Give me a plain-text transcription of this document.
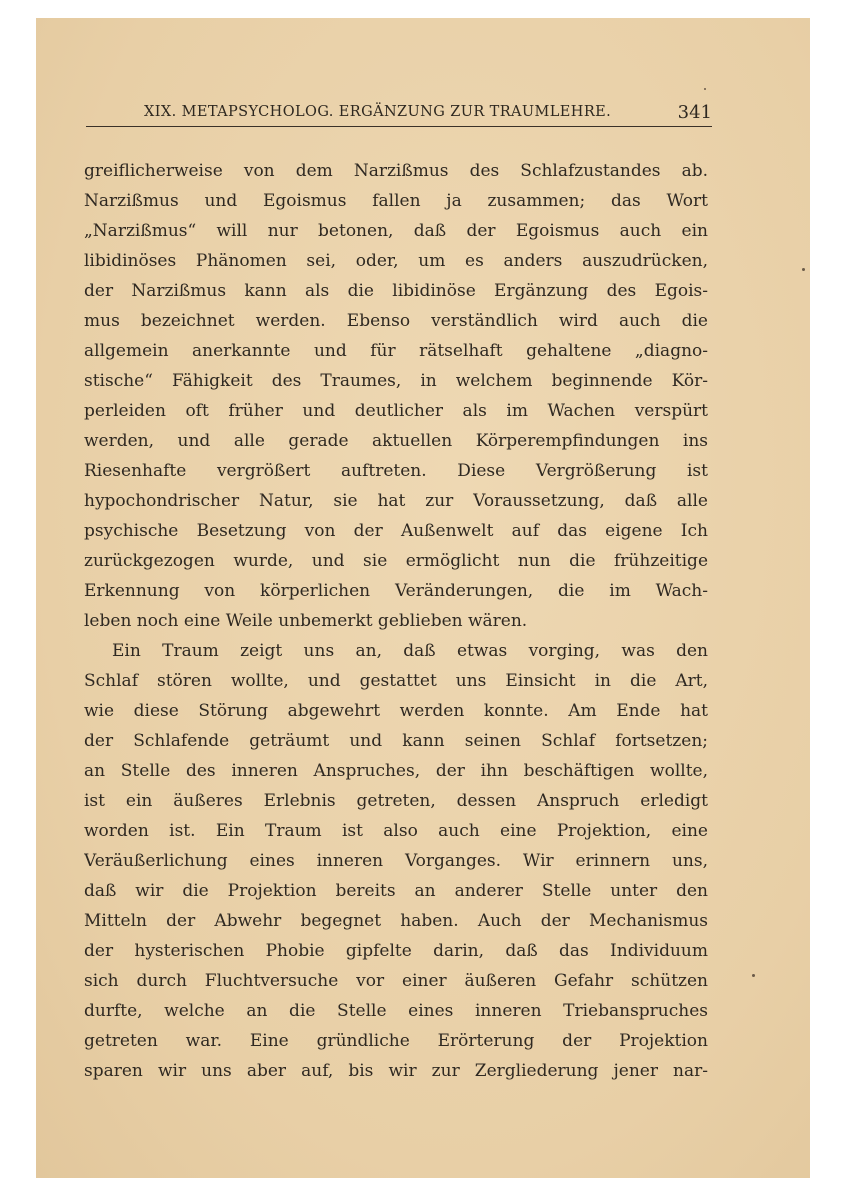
XIX. METAPSYCHOLOG. ERGÄNZUNG ZUR TRAUMLEHRE.	341
greiflicherweise von dem Narzißmus des Schlafzustandes ab.
Narzißmus und Egoismus fallen ja zusammen; das Wort
„Narzißmus“ will nur betonen, daß der Egoismus auch ein
libidinöses Phänomen sei, oder, um es anders auszudrücken,
der Narzißmus kann als die libidinöse Ergänzung des Egois-
mus bezeichnet werden. Ebenso verständlich wird auch die
allgemein anerkannte und für rätselhaft gehaltene „diagno-
stische“ Fähigkeit des Traumes, in welchem beginnende Kör-
perleiden oft früher und deutlicher als im Wachen verspürt
werden, und alle gerade aktuellen Körperempfindungen ins
Riesenhafte vergrößert auftreten. Diese Vergrößerung ist
hypochondrischer Natur, sie hat zur Voraussetzung, daß alle
psychische Besetzung von der Außenwelt auf das eigene Ich
zurückgezogen wurde, und sie ermöglicht nun die frühzeitige
Erkennung von körperlichen Veränderungen, die im Wach-
leben noch eine Weile unbemerkt geblieben wären.
Ein Traum zeigt uns an, daß etwas vorging, was den
Schlaf stören wollte, und gestattet uns Einsicht in die Art,
wie diese Störung abgewehrt werden konnte. Am Ende hat
der Schlafende geträumt und kann seinen Schlaf fortsetzen;
an Stelle des inneren Anspruches, der ihn beschäftigen wollte,
ist ein äußeres Erlebnis getreten, dessen Anspruch erledigt
worden ist. Ein Traum ist also auch eine Projektion, eine
Veräußerlichung eines inneren Vorganges. Wir erinnern uns,
daß wir die Projektion bereits an anderer Stelle unter den
Mitteln der Abwehr begegnet haben. Auch der Mechanismus
der hysterischen Phobie gipfelte darin, daß das Individuum
sich durch Fluchtversuche vor einer äußeren Gefahr schützen
durfte, welche an die Stelle eines inneren Triebanspruches
getreten war. Eine gründliche Erörterung der Projektion
sparen wir uns aber auf, bis wir zur Zergliederung jener nar-
